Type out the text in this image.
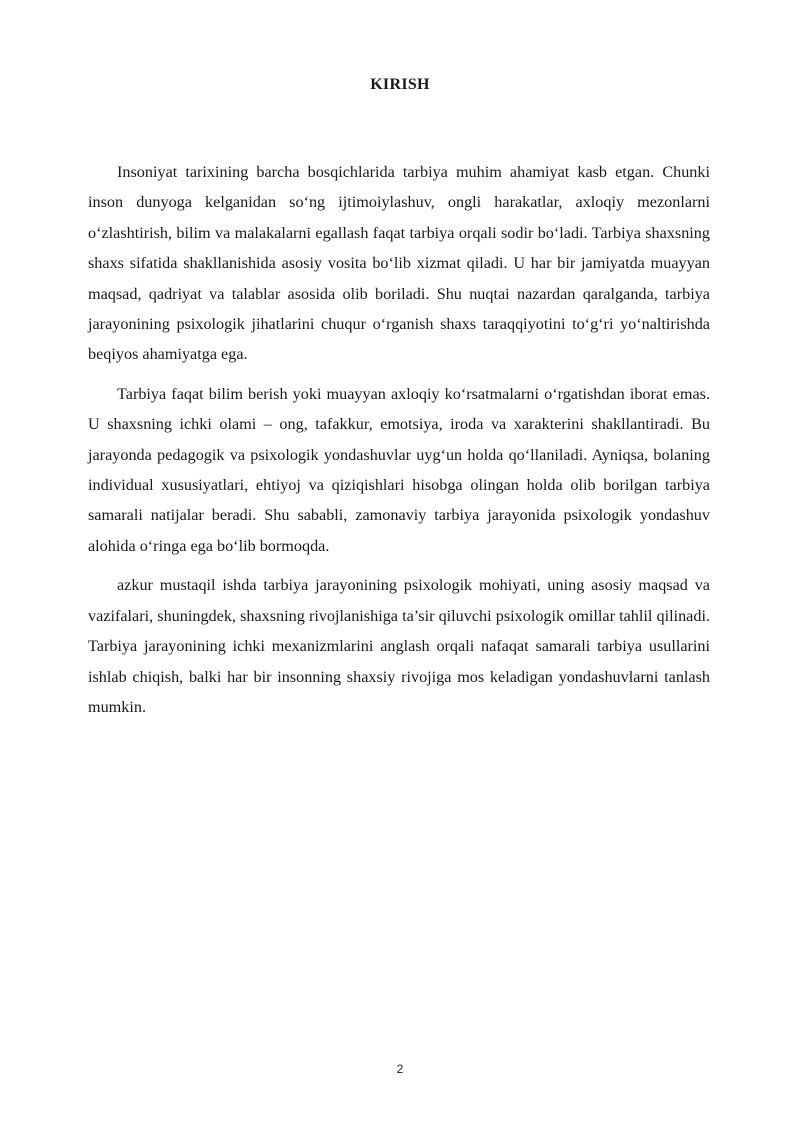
KIRISH

Insoniyat tarixining barcha bosqichlarida tarbiya muhim ahamiyat kasb etgan. Chunki inson dunyoga kelganidan so‘ng ijtimoiylashuv, ongli harakatlar, axloqiy mezonlarni o‘zlashtirish, bilim va malakalarni egallash faqat tarbiya orqali sodir bo‘ladi. Tarbiya shaxsning shaxs sifatida shakllanishida asosiy vosita bo‘lib xizmat qiladi. U har bir jamiyatda muayyan maqsad, qadriyat va talablar asosida olib boriladi. Shu nuqtai nazardan qaralganda, tarbiya jarayonining psixologik jihatlarini chuqur o‘rganish shaxs taraqqiyotini to‘g‘ri yo‘naltirishda beqiyos ahamiyatga ega.

Tarbiya faqat bilim berish yoki muayyan axloqiy ko‘rsatmalarni o‘rgatishdan iborat emas. U shaxsning ichki olami – ong, tafakkur, emotsiya, iroda va xarakterini shakllantiradi. Bu jarayonda pedagogik va psixologik yondashuvlar uyg‘un holda qo‘llaniladi. Ayniqsa, bolaning individual xususiyatlari, ehtiyoj va qiziqishlari hisobga olingan holda olib borilgan tarbiya samarali natijalar beradi. Shu sababli, zamonaviy tarbiya jarayonida psixologik yondashuv alohida o‘ringa ega bo‘lib bormoqda.

azkur mustaqil ishda tarbiya jarayonining psixologik mohiyati, uning asosiy maqsad va vazifalari, shuningdek, shaxsning rivojlanishiga ta’sir qiluvchi psixologik omillar tahlil qilinadi. Tarbiya jarayonining ichki mexanizmlarini anglash orqali nafaqat samarali tarbiya usullarini ishlab chiqish, balki har bir insonning shaxsiy rivojiga mos keladigan yondashuvlarni tanlash mumkin.

2
